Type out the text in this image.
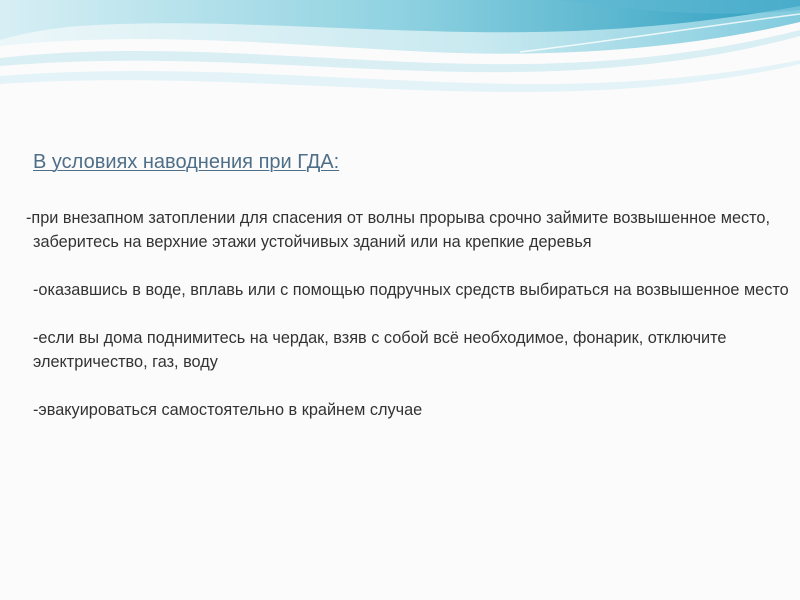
В условиях наводнения при ГДА:

-при внезапном затоплении для спасения от волны прорыва срочно займите возвышенное место, заберитесь на верхние этажи устойчивых зданий или на крепкие деревья

-оказавшись в воде, вплавь или с помощью подручных средств выбираться на возвышенное место

-если вы дома поднимитесь на чердак, взяв с собой всё необходимое, фонарик, отключите электричество, газ, воду

-эвакуироваться самостоятельно в крайнем случае
